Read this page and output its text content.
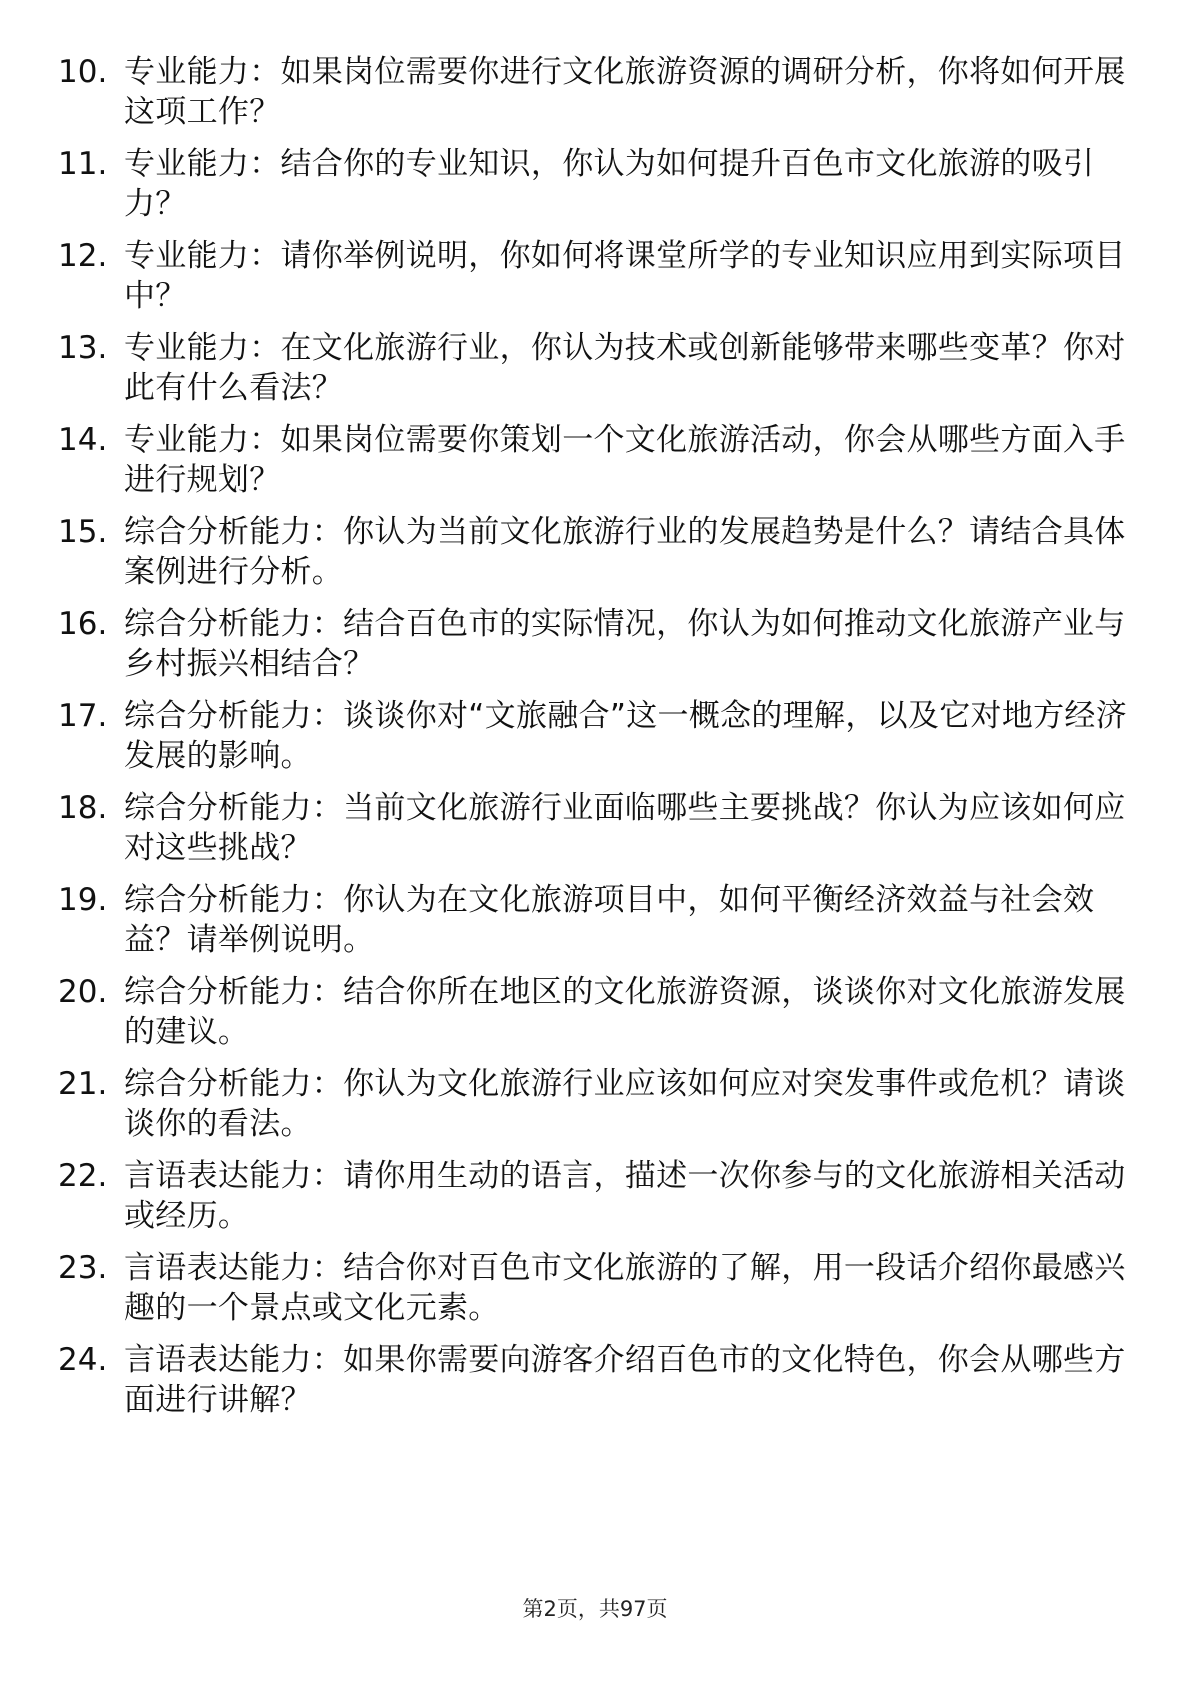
10. 专业能力：如果岗位需要你进行文化旅游资源的调研分析，你将如何开展这项工作？
11. 专业能力：结合你的专业知识，你认为如何提升百色市文化旅游的吸引力？
12. 专业能力：请你举例说明，你如何将课堂所学的专业知识应用到实际项目中？
13. 专业能力：在文化旅游行业，你认为技术或创新能够带来哪些变革？你对此有什么看法？
14. 专业能力：如果岗位需要你策划一个文化旅游活动，你会从哪些方面入手进行规划？
15. 综合分析能力：你认为当前文化旅游行业的发展趋势是什么？请结合具体案例进行分析。
16. 综合分析能力：结合百色市的实际情况，你认为如何推动文化旅游产业与乡村振兴相结合？
17. 综合分析能力：谈谈你对“文旅融合”这一概念的理解，以及它对地方经济发展的影响。
18. 综合分析能力：当前文化旅游行业面临哪些主要挑战？你认为应该如何应对这些挑战？
19. 综合分析能力：你认为在文化旅游项目中，如何平衡经济效益与社会效益？请举例说明。
20. 综合分析能力：结合你所在地区的文化旅游资源，谈谈你对文化旅游发展的建议。
21. 综合分析能力：你认为文化旅游行业应该如何应对突发事件或危机？请谈谈你的看法。
22. 言语表达能力：请你用生动的语言，描述一次你参与的文化旅游相关活动或经历。
23. 言语表达能力：结合你对百色市文化旅游的了解，用一段话介绍你最感兴趣的一个景点或文化元素。
24. 言语表达能力：如果你需要向游客介绍百色市的文化特色，你会从哪些方面进行讲解？
第2页，共97页
